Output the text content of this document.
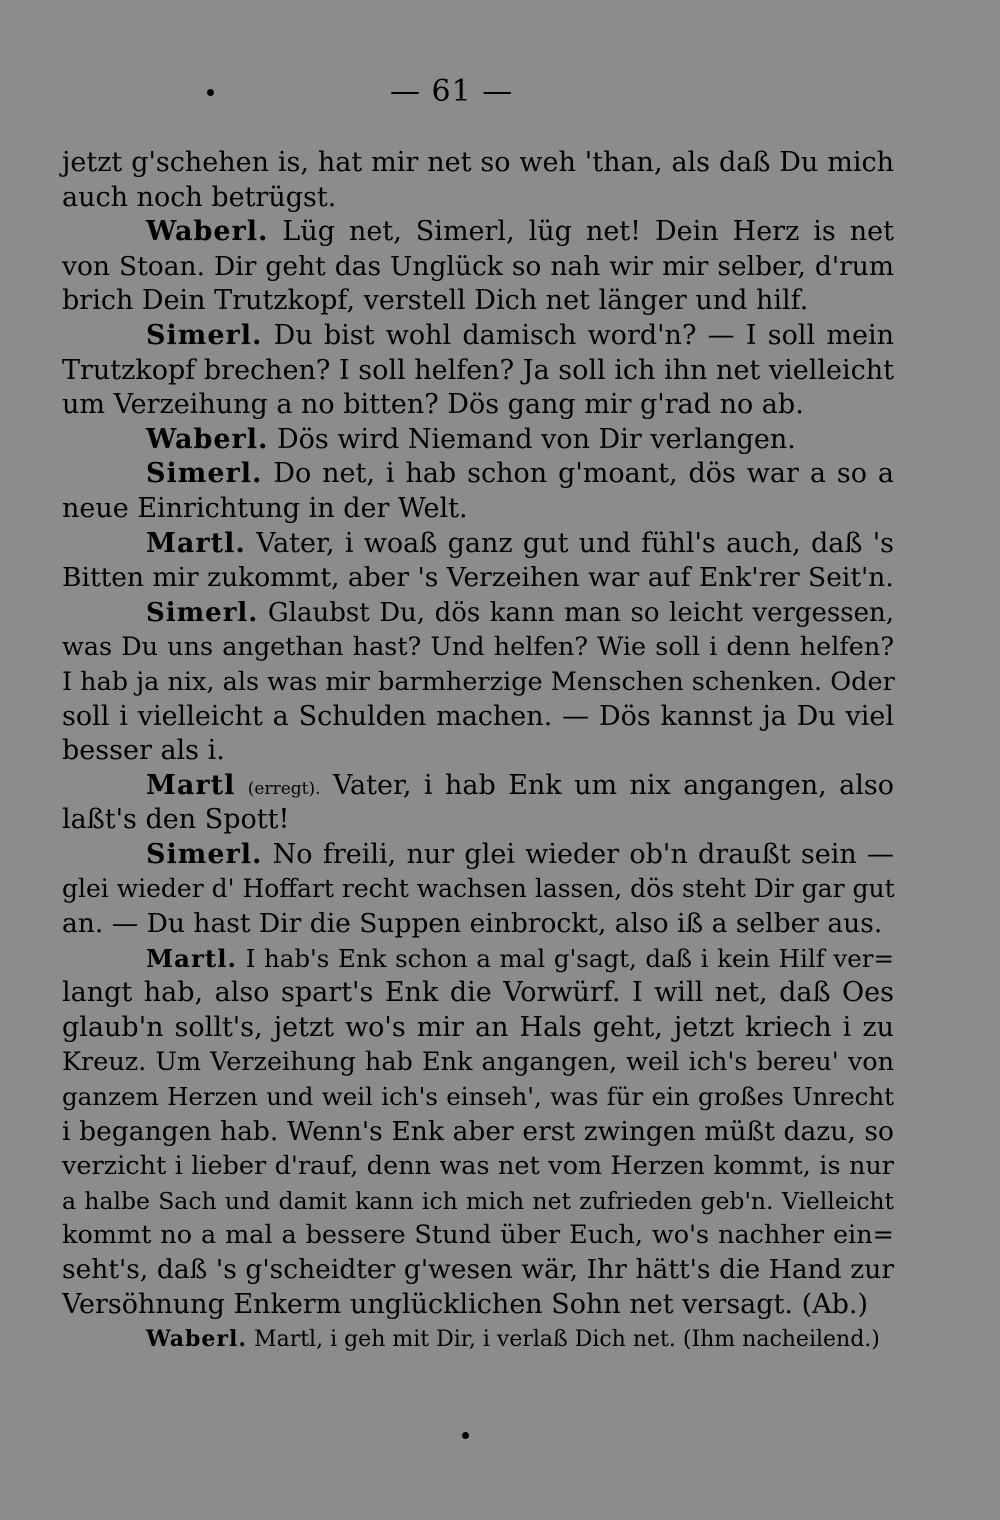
— 61 —
jetzt g'schehen is, hat mir net so weh 'than, als daß Du mich
auch noch betrügst.
Waberl. Lüg net, Simerl, lüg net! Dein Herz is net
von Stoan. Dir geht das Unglück so nah wir mir selber, d'rum
brich Dein Trutzkopf, verstell Dich net länger und hilf.
Simerl. Du bist wohl damisch word'n? — I soll mein
Trutzkopf brechen? I soll helfen? Ja soll ich ihn net vielleicht
um Verzeihung a no bitten? Dös gang mir g'rad no ab.
Waberl. Dös wird Niemand von Dir verlangen.
Simerl. Do net, i hab schon g'moant, dös war a so a
neue Einrichtung in der Welt.
Martl. Vater, i woaß ganz gut und fühl's auch, daß 's
Bitten mir zukommt, aber 's Verzeihen war auf Enk'rer Seit'n.
Simerl. Glaubst Du, dös kann man so leicht vergessen,
was Du uns angethan hast? Und helfen? Wie soll i denn helfen?
I hab ja nix, als was mir barmherzige Menschen schenken. Oder
soll i vielleicht a Schulden machen. — Dös kannst ja Du viel
besser als i.
Martl (erregt). Vater, i hab Enk um nix angangen, also
laßt's den Spott!
Simerl. No freili, nur glei wieder ob'n draußt sein —
glei wieder d' Hoffart recht wachsen lassen, dös steht Dir gar gut
an. — Du hast Dir die Suppen einbrockt, also iß a selber aus.
Martl. I hab's Enk schon a mal g'sagt, daß i kein Hilf ver=
langt hab, also spart's Enk die Vorwürf. I will net, daß Oes
glaub'n sollt's, jetzt wo's mir an Hals geht, jetzt kriech i zu
Kreuz. Um Verzeihung hab Enk angangen, weil ich's bereu' von
ganzem Herzen und weil ich's einseh', was für ein großes Unrecht
i begangen hab. Wenn's Enk aber erst zwingen müßt dazu, so
verzicht i lieber d'rauf, denn was net vom Herzen kommt, is nur
a halbe Sach und damit kann ich mich net zufrieden geb'n. Vielleicht
kommt no a mal a bessere Stund über Euch, wo's nachher ein=
seht's, daß 's g'scheidter g'wesen wär, Ihr hätt's die Hand zur
Versöhnung Enkerm unglücklichen Sohn net versagt. (Ab.)
Waberl. Martl, i geh mit Dir, i verlaß Dich net. (Ihm nacheilend.)
